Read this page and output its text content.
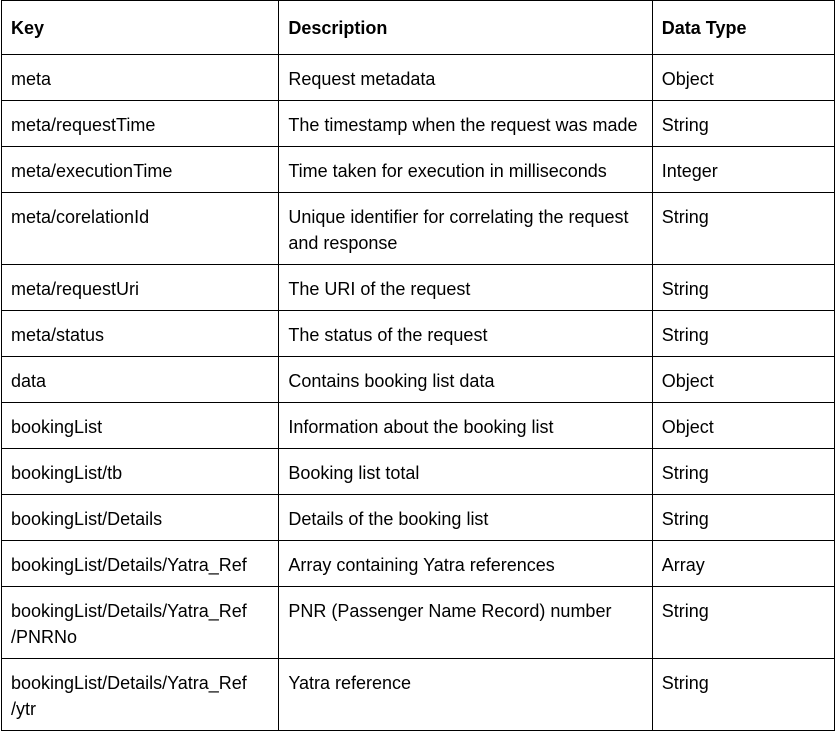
Key	Description	Data Type
meta	Request metadata	Object
meta/requestTime	The timestamp when the request was made	String
meta/executionTime	Time taken for execution in milliseconds	Integer
meta/corelationId	Unique identifier for correlating the request and response	String
meta/requestUri	The URI of the request	String
meta/status	The status of the request	String
data	Contains booking list data	Object
bookingList	Information about the booking list	Object
bookingList/tb	Booking list total	String
bookingList/Details	Details of the booking list	String
bookingList/Details/Yatra_Ref	Array containing Yatra references	Array
bookingList/Details/Yatra_Ref /PNRNo	PNR (Passenger Name Record) number	String
bookingList/Details/Yatra_Ref /ytr	Yatra reference	String
